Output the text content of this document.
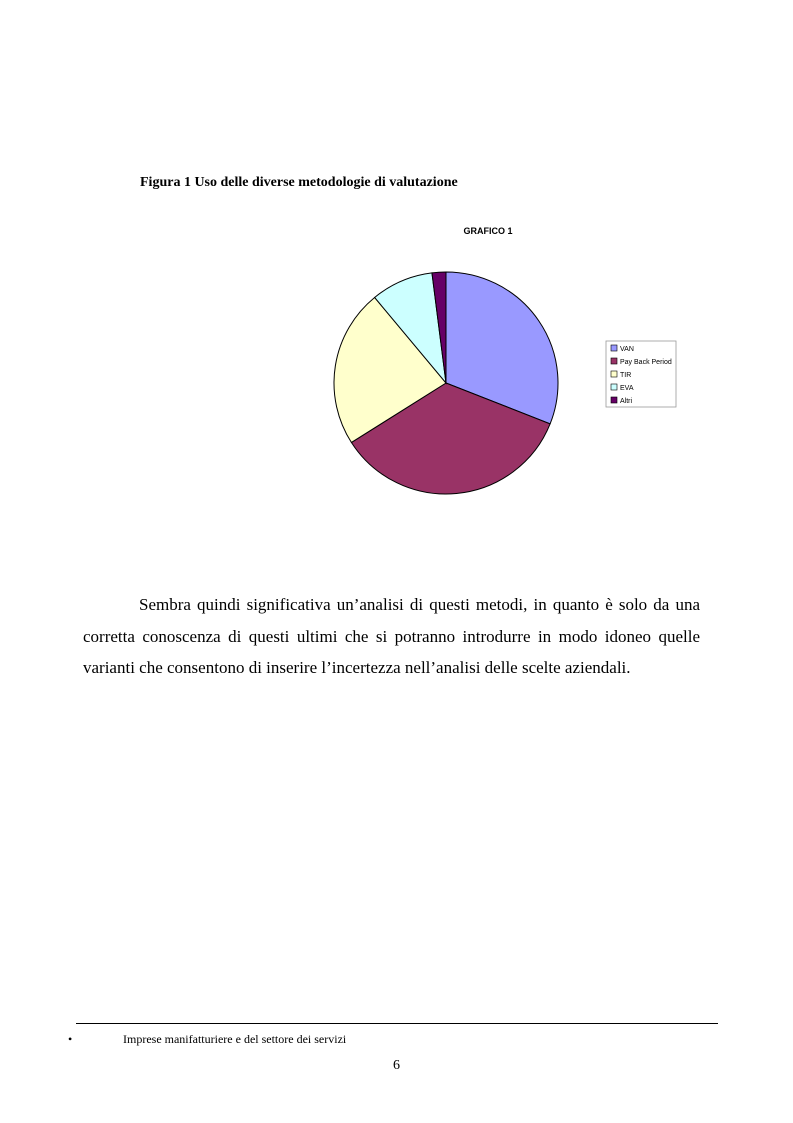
Figura 1 Uso delle diverse metodologie di valutazione
GRAFICO 1
VAN
Pay Back Period
TIR
EVA
Altri

Sembra quindi significativa un’analisi di questi metodi, in quanto è solo da una corretta conoscenza di questi ultimi che si potranno introdurre in modo idoneo quelle varianti che consentono di inserire l’incertezza nell’analisi delle scelte aziendali.

•	Imprese manifatturiere e del settore dei servizi
6
